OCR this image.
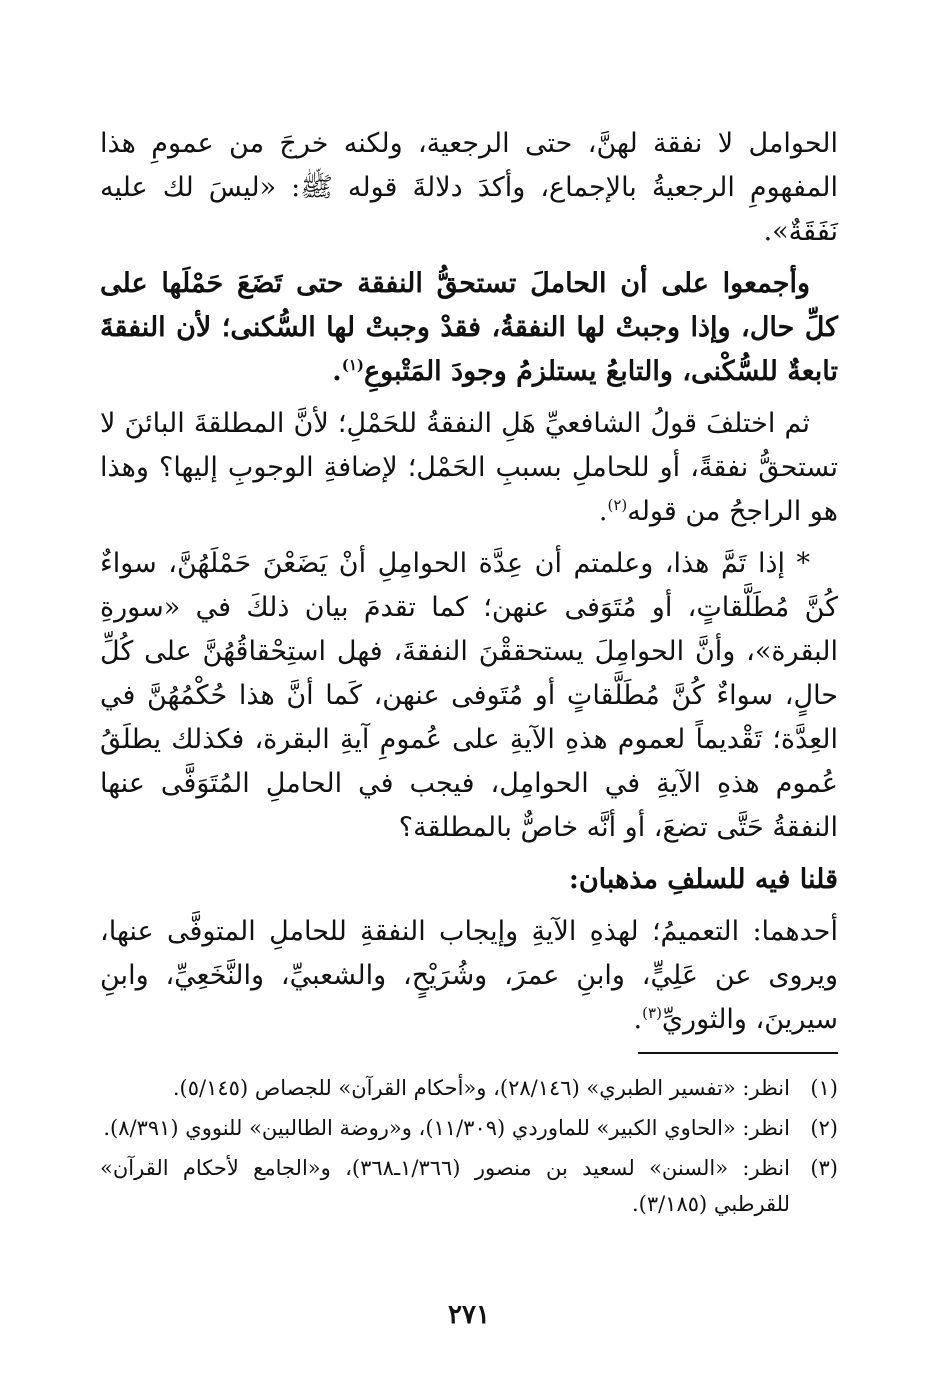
الحوامل لا نفقة لهنَّ، حتى الرجعية، ولكنه خرجَ من عمومِ هذا المفهومِ الرجعيةُ بالإجماع، وأكدَ دلالةَ قوله ﷺ: «ليسَ لك عليه نَفَقَةٌ».

وأجمعوا على أن الحاملَ تستحقُّ النفقة حتى تَضَعَ حَمْلَها على كلِّ حال، وإذا وجبتْ لها النفقةُ، فقدْ وجبتْ لها السُّكنى؛ لأن النفقةَ تابعةٌ للسُّكْنى، والتابعُ يستلزمُ وجودَ المَتْبوعِ$^{(١)}$.

ثم اختلفَ قولُ الشافعيِّ هَلِ النفقةُ للحَمْلِ؛ لأنَّ المطلقةَ البائنَ لا تستحقُّ نفقةً، أو للحاملِ بسببِ الحَمْل؛ لإضافةِ الوجوبِ إليها؟ وهذا هو الراجحُ من قوله$^{(٢)}$.

* إذا تَمَّ هذا، وعلمتم أن عِدَّة الحوامِلِ أنْ يَضَعْنَ حَمْلَهُنَّ، سواءٌ كُنَّ مُطَلَّقاتٍ، أو مُتَوَفى عنهن؛ كما تقدمَ بيان ذلكَ في «سورةِ البقرة»، وأنَّ الحوامِلَ يستحققْنَ النفقةَ، فهل استِحْقاقُهُنَّ على كُلِّ حالٍ، سواءٌ كُنَّ مُطَلَّقاتٍ أو مُتَوفى عنهن، كَما أنَّ هذا حُكْمُهُنَّ في العِدَّة؛ تَقْديماً لعموم هذهِ الآيةِ على عُمومِ آيةِ البقرة، فكذلك يطلَقُ عُموم هذهِ الآيةِ في الحوامِل، فيجب في الحاملِ المُتَوَفَّى عنها النفقةُ حَتَّى تضعَ، أو أنَّه خاصٌّ بالمطلقة؟

قلنا فيه للسلفِ مذهبان:

أحدهما: التعميمُ؛ لهذهِ الآيةِ وإيجاب النفقةِ للحاملِ المتوفَّى عنها، ويروى عن عَلِيٍّ، وابنِ عمرَ، وشُرَيْحٍ، والشعبيِّ، والنَّخَعِيِّ، وابنِ سيرينَ، والثوريِّ$^{(٣)}$.

(١)
انظر: «تفسير الطبري» (٢٨/١٤٦)، و«أحكام القرآن» للجصاص (٥/١٤٥).
(٢)
انظر: «الحاوي الكبير» للماوردي (١١/٣٠٩)، و«روضة الطالبين» للنووي (٨/٣٩١).
(٣)
انظر: «السنن» لسعيد بن منصور (١/٣٦٦ـ٣٦٨)، و«الجامع لأحكام القرآن» للقرطبي (٣/١٨٥).
٢٧١
